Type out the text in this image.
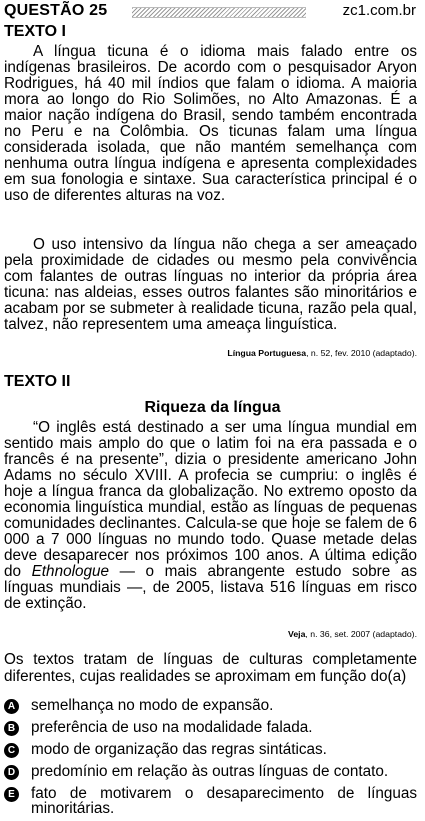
QUESTÃO 25	zc1.com.br
TEXTO I

A língua ticuna é o idioma mais falado entre os indígenas brasileiros. De acordo com o pesquisador Aryon Rodrigues, há 40 mil índios que falam o idioma. A maioria mora ao longo do Rio Solimões, no Alto Amazonas. É a maior nação indígena do Brasil, sendo também encontrada no Peru e na Colômbia. Os ticunas falam uma língua considerada isolada, que não mantém semelhança com nenhuma outra língua indígena e apresenta complexidades em sua fonologia e sintaxe. Sua característica principal é o uso de diferentes alturas na voz.

O uso intensivo da língua não chega a ser ameaçado pela proximidade de cidades ou mesmo pela convivência com falantes de outras línguas no interior da própria área ticuna: nas aldeias, esses outros falantes são minoritários e acabam por se submeter à realidade ticuna, razão pela qual, talvez, não representem uma ameaça linguística.

Língua Portuguesa, n. 52, fev. 2010 (adaptado).
TEXTO II
Riqueza da língua

“O inglês está destinado a ser uma língua mundial em sentido mais amplo do que o latim foi na era passada e o francês é na presente”, dizia o presidente americano John Adams no século XVIII. A profecia se cumpriu: o inglês é hoje a língua franca da globalização. No extremo oposto da economia linguística mundial, estão as línguas de pequenas comunidades declinantes. Calcula-se que hoje se falem de 6 000 a 7 000 línguas no mundo todo. Quase metade delas deve desaparecer nos próximos 100 anos. A última edição do Ethnologue — o mais abrangente estudo sobre as línguas mundiais —, de 2005, listava 516 línguas em risco de extinção.

Veja, n. 36, set. 2007 (adaptado).

Os textos tratam de línguas de culturas completamente diferentes, cujas realidades se aproximam em função do(a)

A semelhança no modo de expansão.
B preferência de uso na modalidade falada.
C modo de organização das regras sintáticas.
D predomínio em relação às outras línguas de contato.
E fato de motivarem o desaparecimento de línguas minoritárias.
